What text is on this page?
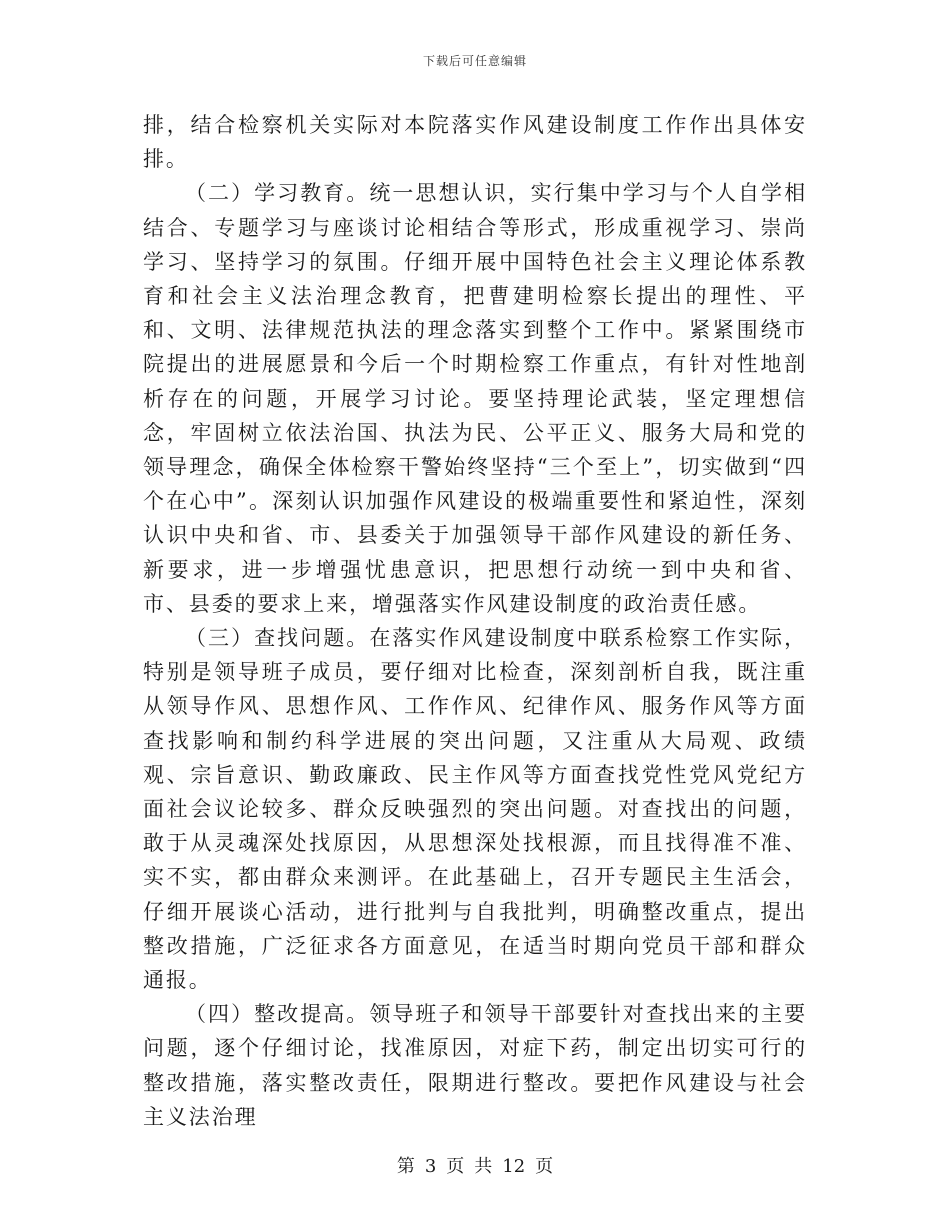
下载后可任意编辑

排，结合检察机关实际对本院落实作风建设制度工作作出具体安排。

（二）学习教育。统一思想认识，实行集中学习与个人自学相结合、专题学习与座谈讨论相结合等形式，形成重视学习、崇尚学习、坚持学习的氛围。仔细开展中国特色社会主义理论体系教育和社会主义法治理念教育，把曹建明检察长提出的理性、平和、文明、法律规范执法的理念落实到整个工作中。紧紧围绕市院提出的进展愿景和今后一个时期检察工作重点，有针对性地剖析存在的问题，开展学习讨论。要坚持理论武装，坚定理想信念，牢固树立依法治国、执法为民、公平正义、服务大局和党的领导理念，确保全体检察干警始终坚持“三个至上”，切实做到“四个在心中”。深刻认识加强作风建设的极端重要性和紧迫性，深刻认识中央和省、市、县委关于加强领导干部作风建设的新任务、新要求，进一步增强忧患意识，把思想行动统一到中央和省、市、县委的要求上来，增强落实作风建设制度的政治责任感。

（三）查找问题。在落实作风建设制度中联系检察工作实际，特别是领导班子成员，要仔细对比检查，深刻剖析自我，既注重从领导作风、思想作风、工作作风、纪律作风、服务作风等方面查找影响和制约科学进展的突出问题，又注重从大局观、政绩观、宗旨意识、勤政廉政、民主作风等方面查找党性党风党纪方面社会议论较多、群众反映强烈的突出问题。对查找出的问题，敢于从灵魂深处找原因，从思想深处找根源，而且找得准不准、实不实，都由群众来测评。在此基础上，召开专题民主生活会，仔细开展谈心活动，进行批判与自我批判，明确整改重点，提出整改措施，广泛征求各方面意见，在适当时期向党员干部和群众通报。

（四）整改提高。领导班子和领导干部要针对查找出来的主要问题，逐个仔细讨论，找准原因，对症下药，制定出切实可行的整改措施，落实整改责任，限期进行整改。要把作风建设与社会主义法治理

第 3 页 共 12 页
